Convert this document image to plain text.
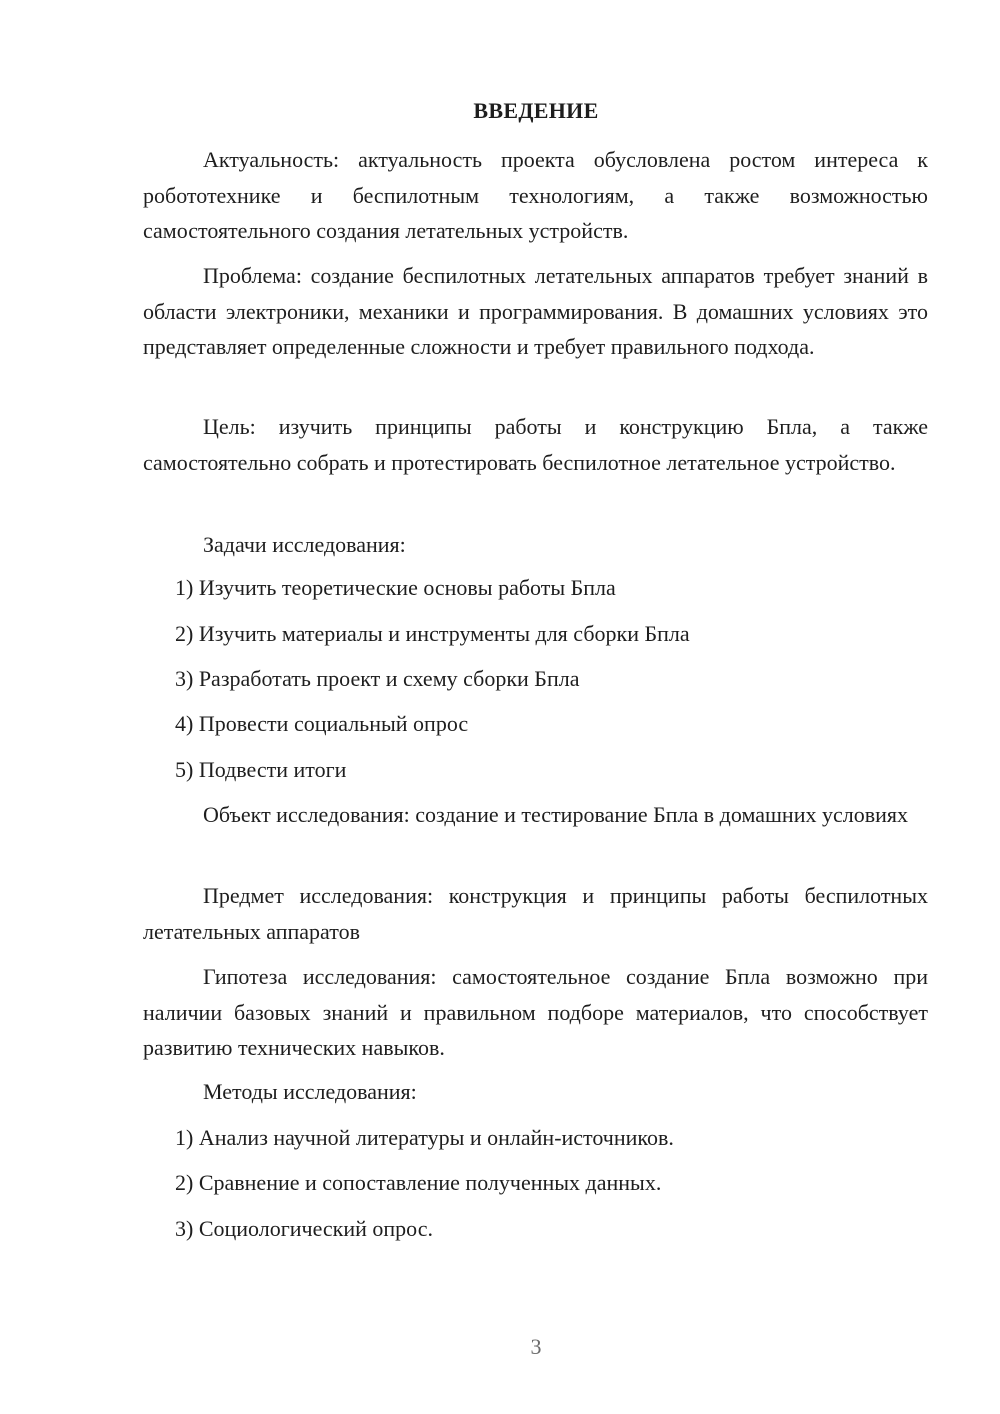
ВВЕДЕНИЕ

Актуальность: актуальность проекта обусловлена ростом интереса к робототехнике и беспилотным технологиям, а также возможностью самостоятельного создания летательных устройств.

Проблема: создание беспилотных летательных аппаратов требует знаний в области электроники, механики и программирования. В домашних условиях это представляет определенные сложности и требует правильного подхода.

Цель: изучить принципы работы и конструкцию Бпла, а также самостоятельно собрать и протестировать беспилотное летательное устройство.

Задачи исследования:

1) Изучить теоретические основы работы Бпла

2) Изучить материалы и инструменты для сборки Бпла

3) Разработать проект и схему сборки Бпла

4) Провести социальный опрос

5) Подвести итоги

Объект исследования: создание и тестирование Бпла в домашних условиях

Предмет исследования: конструкция и принципы работы беспилотных летательных аппаратов

Гипотеза исследования: самостоятельное создание Бпла возможно при наличии базовых знаний и правильном подборе материалов, что способствует развитию технических навыков.

Методы исследования:

1) Анализ научной литературы и онлайн-источников.

2) Сравнение и сопоставление полученных данных.

3) Социологический опрос.

3
